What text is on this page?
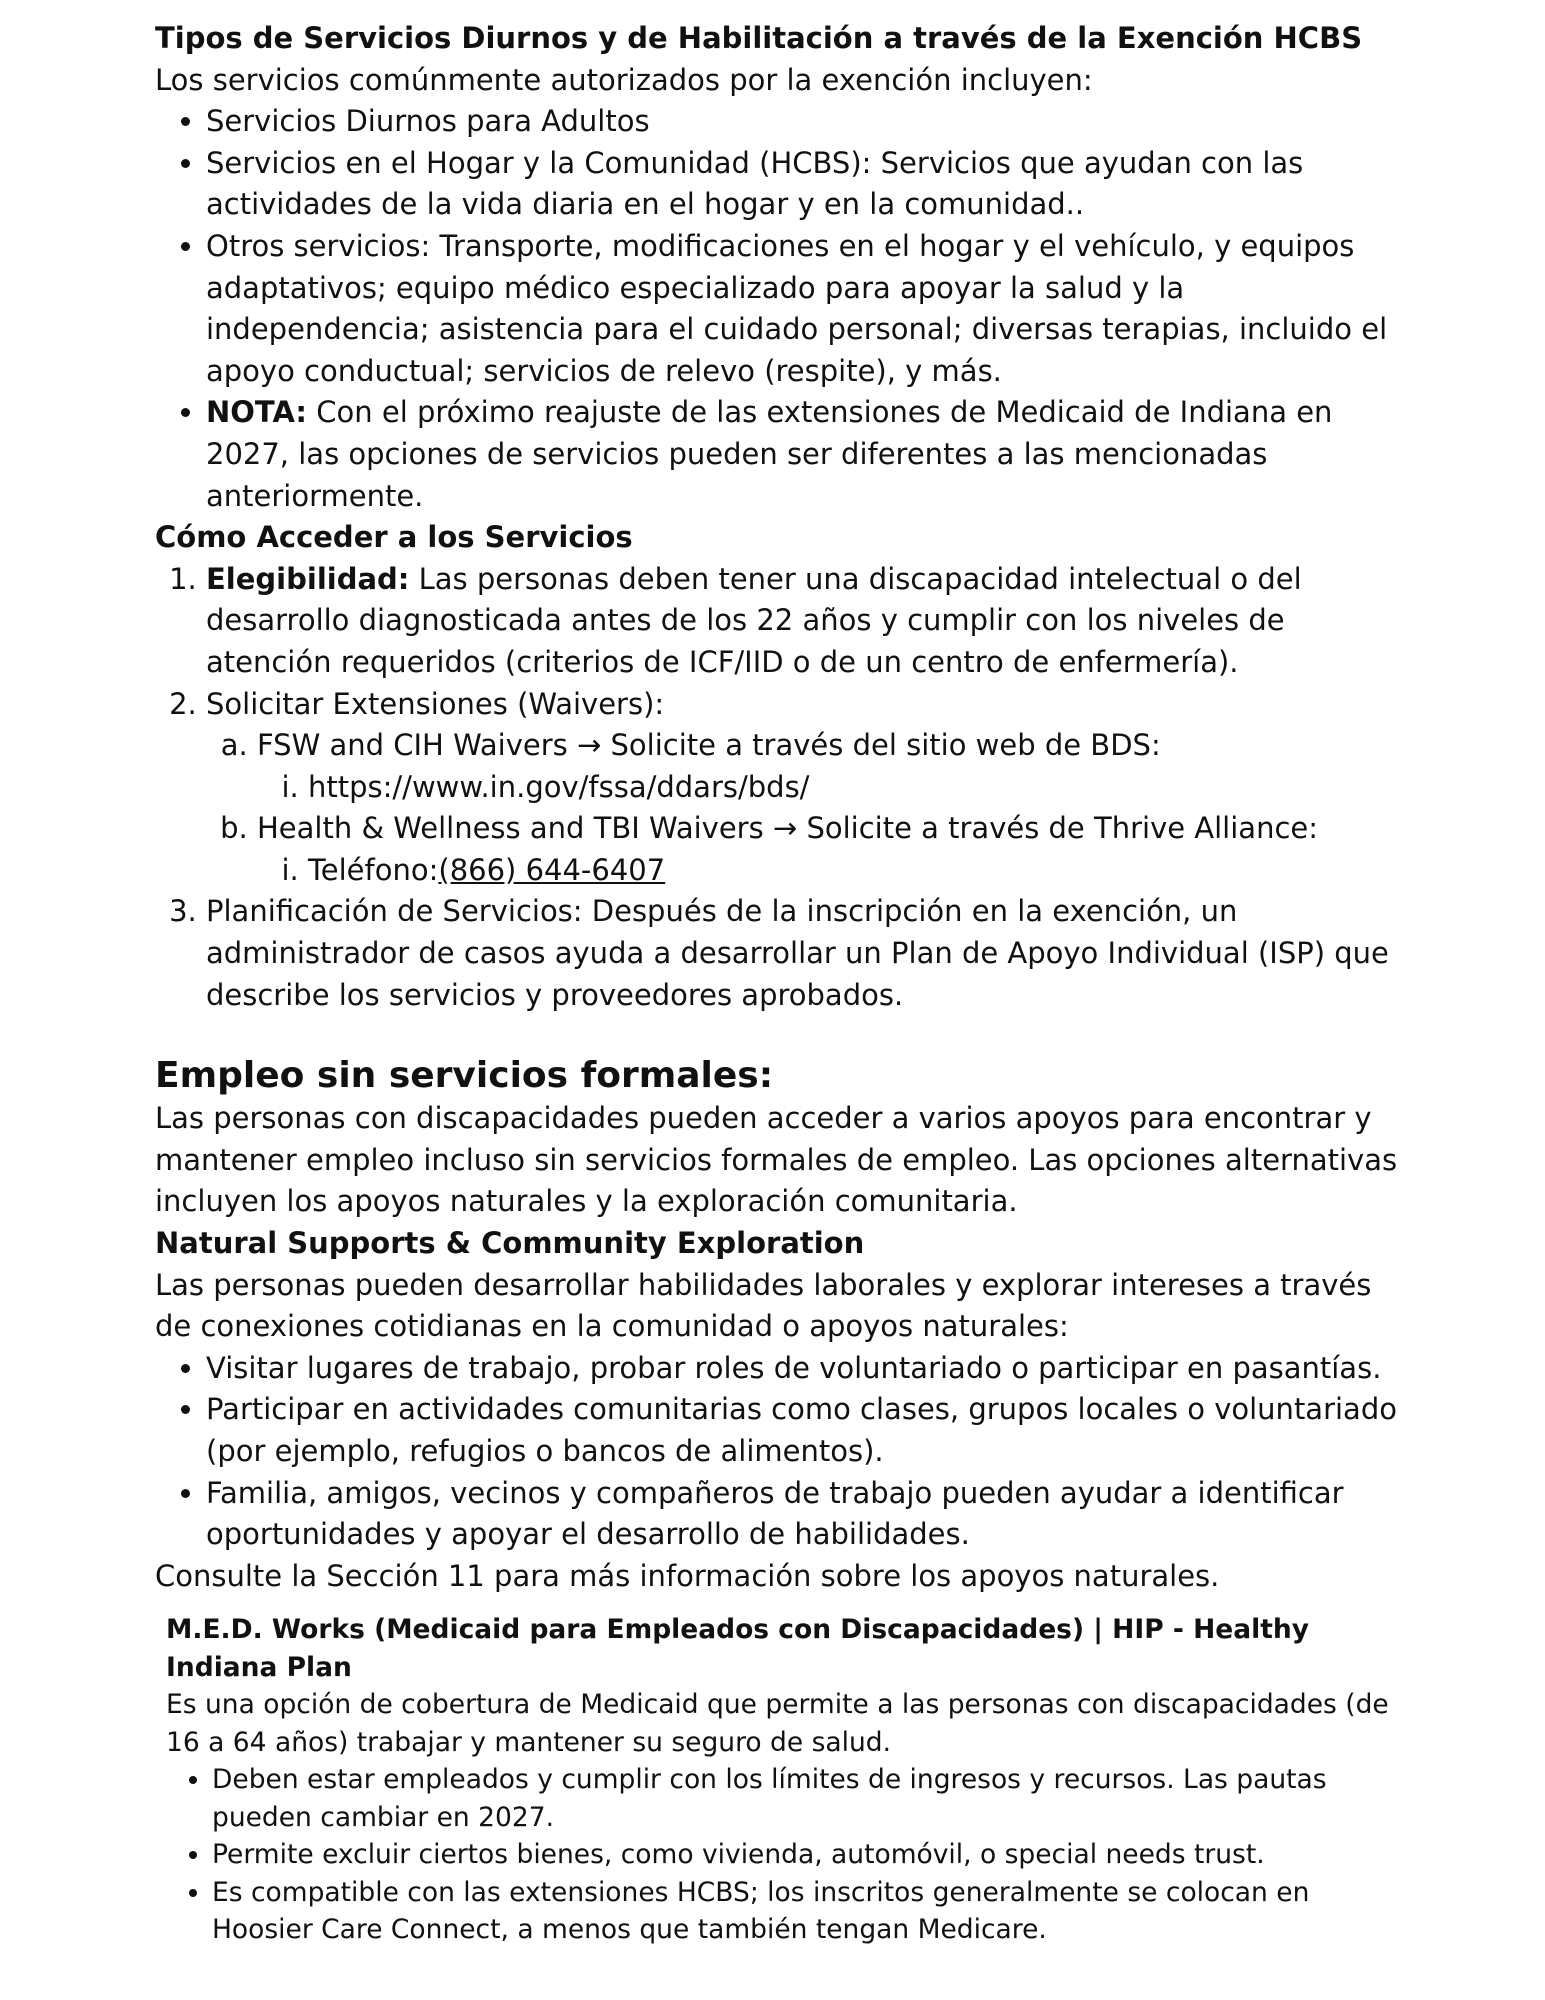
Tipos de Servicios Diurnos y de Habilitación a través de la Exención HCBS

Los servicios comúnmente autorizados por la exención incluyen:

• Servicios Diurnos para Adultos
• Servicios en el Hogar y la Comunidad (HCBS): Servicios que ayudan con las actividades de la vida diaria en el hogar y en la comunidad..
• Otros servicios: Transporte, modificaciones en el hogar y el vehículo, y equipos adaptativos; equipo médico especializado para apoyar la salud y la independencia; asistencia para el cuidado personal; diversas terapias, incluido el apoyo conductual; servicios de relevo (respite), y más.
• NOTA: Con el próximo reajuste de las extensiones de Medicaid de Indiana en 2027, las opciones de servicios pueden ser diferentes a las mencionadas anteriormente.

Cómo Acceder a los Servicios

1. Elegibilidad: Las personas deben tener una discapacidad intelectual o del desarrollo diagnosticada antes de los 22 años y cumplir con los niveles de atención requeridos (criterios de ICF/IID o de un centro de enfermería).
2. Solicitar Extensiones (Waivers):
a. FSW and CIH Waivers → Solicite a través del sitio web de BDS:
i. https://www.in.gov/fssa/ddars/bds/
b. Health & Wellness and TBI Waivers → Solicite a través de Thrive Alliance:
i. Teléfono:(866) 644-6407
3. Planificación de Servicios: Después de la inscripción en la exención, un administrador de casos ayuda a desarrollar un Plan de Apoyo Individual (ISP) que describe los servicios y proveedores aprobados.

Empleo sin servicios formales:

Las personas con discapacidades pueden acceder a varios apoyos para encontrar y mantener empleo incluso sin servicios formales de empleo. Las opciones alternativas incluyen los apoyos naturales y la exploración comunitaria.

Natural Supports & Community Exploration

Las personas pueden desarrollar habilidades laborales y explorar intereses a través de conexiones cotidianas en la comunidad o apoyos naturales:

• Visitar lugares de trabajo, probar roles de voluntariado o participar en pasantías.
• Participar en actividades comunitarias como clases, grupos locales o voluntariado (por ejemplo, refugios o bancos de alimentos).
• Familia, amigos, vecinos y compañeros de trabajo pueden ayudar a identificar oportunidades y apoyar el desarrollo de habilidades.

Consulte la Sección 11 para más información sobre los apoyos naturales.

M.E.D. Works (Medicaid para Empleados con Discapacidades) | HIP - Healthy Indiana Plan

Es una opción de cobertura de Medicaid que permite a las personas con discapacidades (de 16 a 64 años) trabajar y mantener su seguro de salud.

• Deben estar empleados y cumplir con los límites de ingresos y recursos. Las pautas pueden cambiar en 2027.
• Permite excluir ciertos bienes, como vivienda, automóvil, o special needs trust.
• Es compatible con las extensiones HCBS; los inscritos generalmente se colocan en Hoosier Care Connect, a menos que también tengan Medicare.
